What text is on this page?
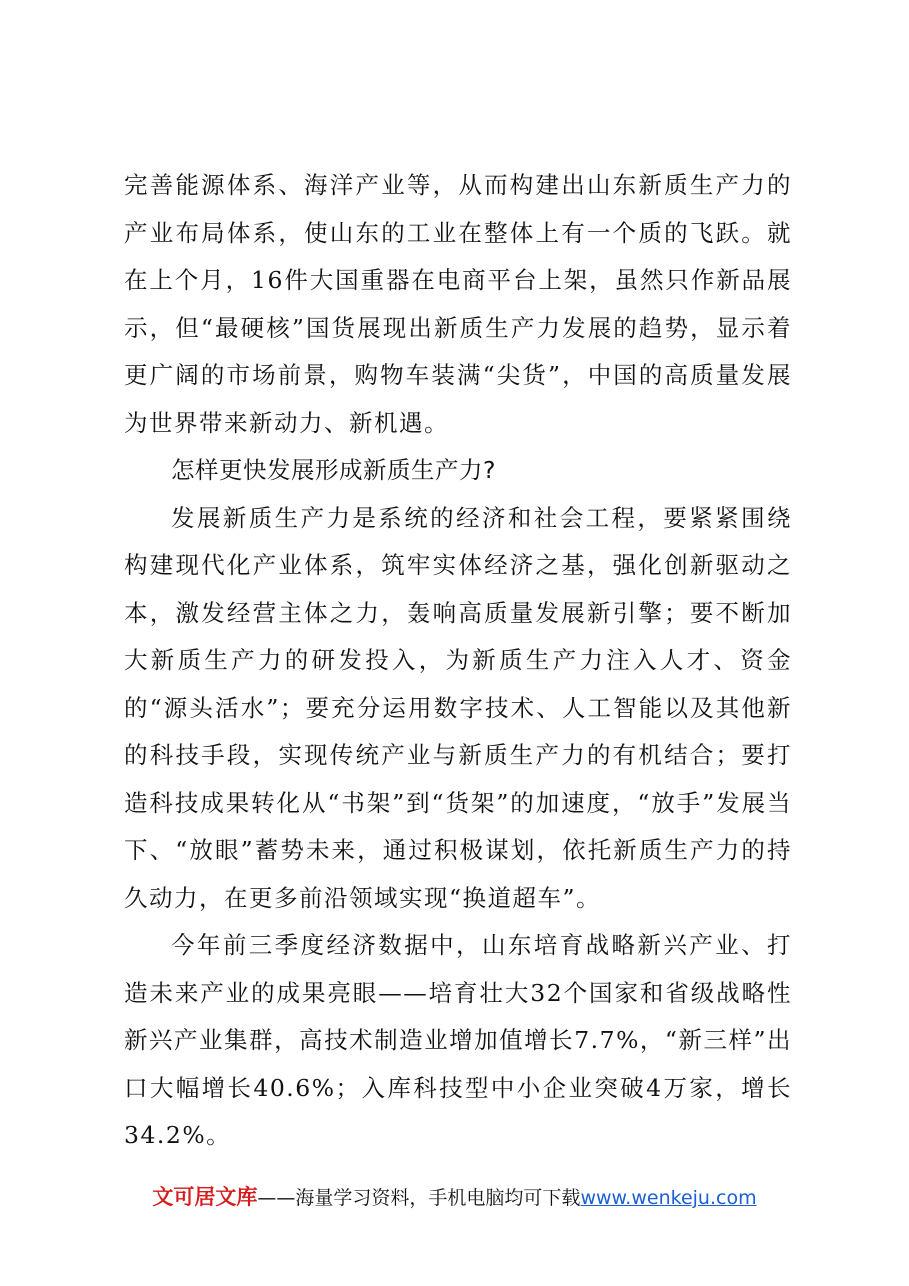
完善能源体系、海洋产业等，从而构建出山东新质生产力的产业布局体系，使山东的工业在整体上有一个质的飞跃。就在上个月，16件大国重器在电商平台上架，虽然只作新品展示，但“最硬核”国货展现出新质生产力发展的趋势，显示着更广阔的市场前景，购物车装满“尖货”，中国的高质量发展为世界带来新动力、新机遇。

怎样更快发展形成新质生产力?

发展新质生产力是系统的经济和社会工程，要紧紧围绕构建现代化产业体系，筑牢实体经济之基，强化创新驱动之本，激发经营主体之力，轰响高质量发展新引擎；要不断加大新质生产力的研发投入，为新质生产力注入人才、资金的“源头活水”；要充分运用数字技术、人工智能以及其他新的科技手段，实现传统产业与新质生产力的有机结合；要打造科技成果转化从“书架”到“货架”的加速度，“放手”发展当下、“放眼”蓄势未来，通过积极谋划，依托新质生产力的持久动力，在更多前沿领域实现“换道超车”。

今年前三季度经济数据中，山东培育战略新兴产业、打造未来产业的成果亮眼——培育壮大32个国家和省级战略性新兴产业集群，高技术制造业增加值增长7.7%，“新三样”出口大幅增长40.6%；入库科技型中小企业突破4万家，增长34.2%。

文可居文库——海量学习资料，手机电脑均可下载www.wenkeju.com
